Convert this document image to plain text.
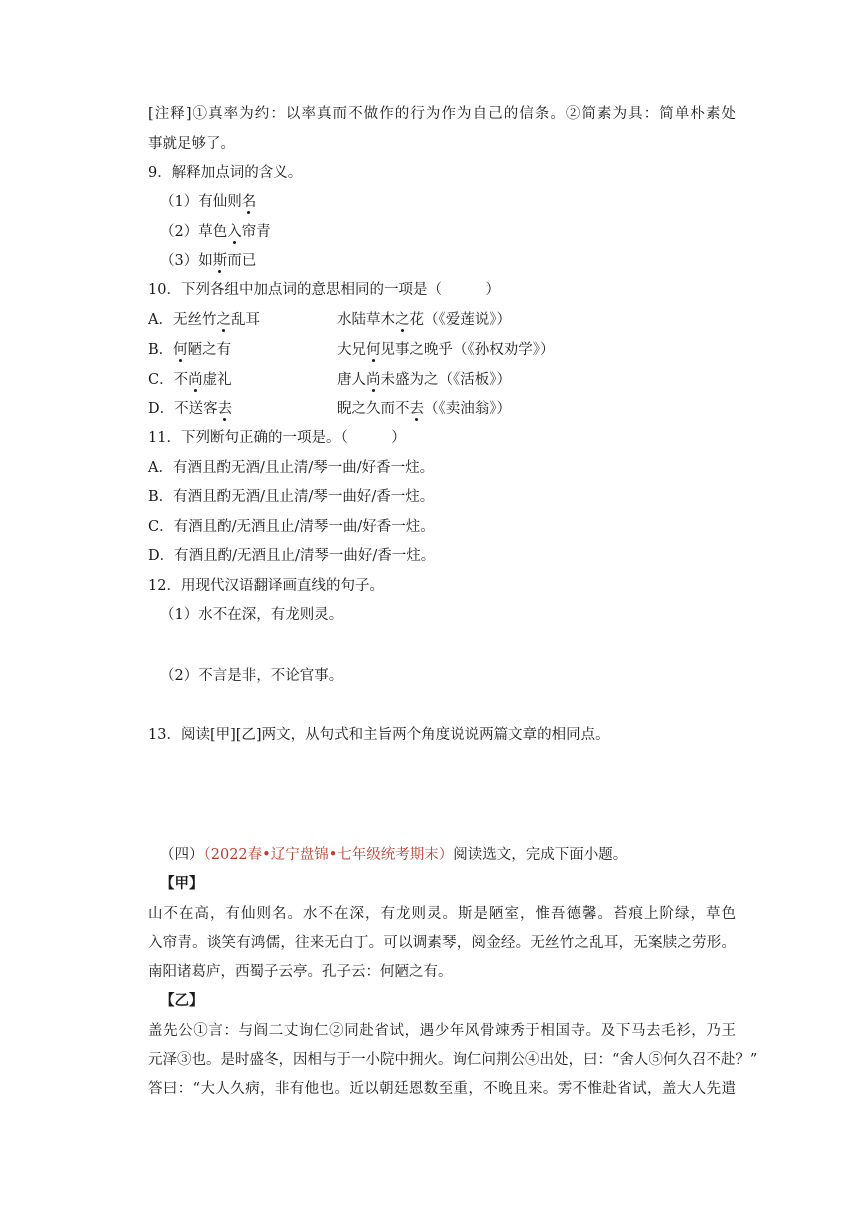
[注释]①真率为约：以率真而不做作的行为作为自己的信条。②简素为具：简单朴素处
事就足够了。
9．解释加点词的含义。
（1）有仙则名
（2）草色入帘青
（3）如斯而已
10．下列各组中加点词的意思相同的一项是（　　　）
A．无丝竹之乱耳	水陆草木之花（《爱莲说》）
B．何陋之有	大兄何见事之晚乎（《孙权劝学》）
C．不尚虚礼	唐人尚未盛为之（《活板》）
D．不送客去	睨之久而不去（《卖油翁》）
11．下列断句正确的一项是。（　　　）
A．有酒且酌无酒/且止清/琴一曲/好香一炷。
B．有酒且酌无酒/且止清/琴一曲好/香一炷。
C．有酒且酌/无酒且止/清琴一曲/好香一炷。
D．有酒且酌/无酒且止/清琴一曲好/香一炷。
12．用现代汉语翻译画直线的句子。
（1）水不在深，有龙则灵。
（2）不言是非，不论官事。
13．阅读[甲][乙]两文，从句式和主旨两个角度说说两篇文章的相同点。
（四）（2022春•辽宁盘锦•七年级统考期末）阅读选文，完成下面小题。
【甲】
山不在高，有仙则名。水不在深，有龙则灵。斯是陋室，惟吾德馨。苔痕上阶绿，草色
入帘青。谈笑有鸿儒，往来无白丁。可以调素琴，阅金经。无丝竹之乱耳，无案牍之劳形。
南阳诸葛庐，西蜀子云亭。孔子云：何陋之有。
【乙】
盖先公①言：与阎二丈询仁②同赴省试，遇少年风骨竦秀于相国寺。及下马去毛衫，乃王
元泽③也。是时盛冬，因相与于一小院中拥火。询仁问荆公④出处，曰：“舍人⑤何久召不赴？”
答曰：“大人久病，非有他也。近以朝廷恩数至重，不晚且来。雱不惟赴省试，盖大人先遣
